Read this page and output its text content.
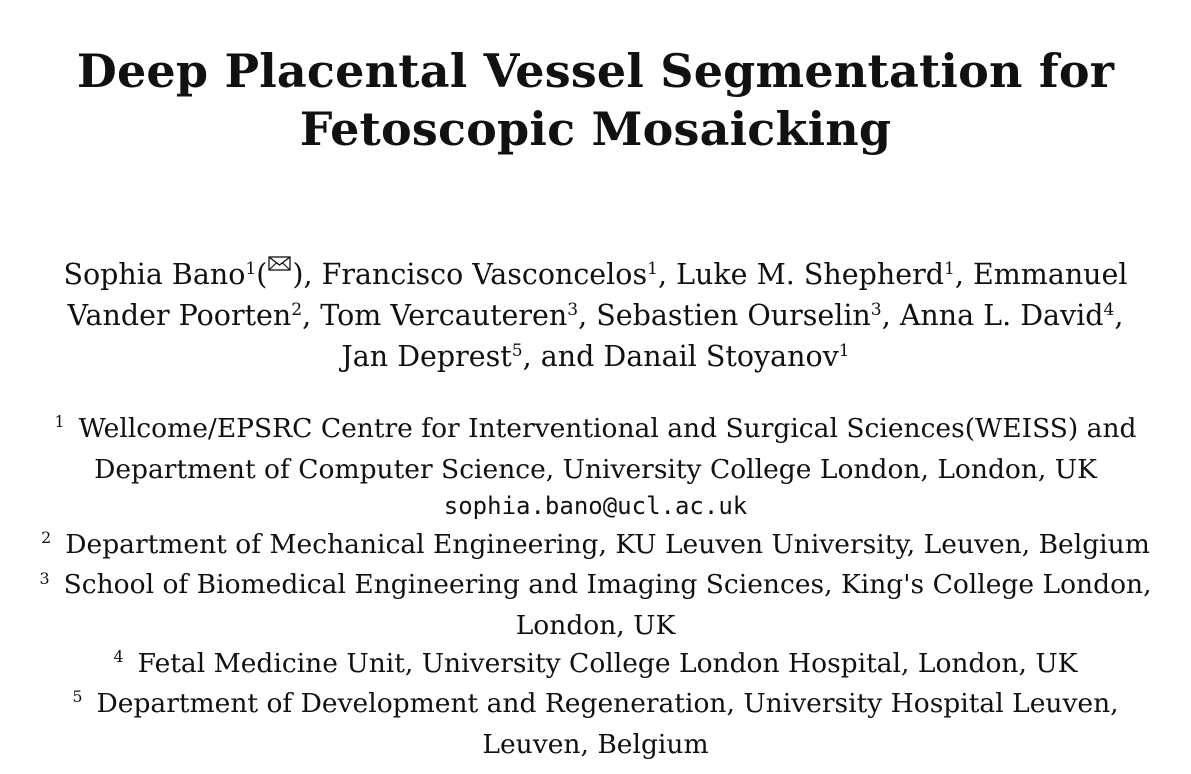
Deep Placental Vessel Segmentation for
Fetoscopic Mosaicking
Sophia Bano$^1$( ), Francisco Vasconcelos$^1$, Luke M. Shepherd$^1$, Emmanuel
Vander Poorten$^2$, Tom Vercauteren$^3$, Sebastien Ourselin$^3$, Anna L. David$^4$,
Jan Deprest$^5$, and Danail Stoyanov$^1$
$^1$ Wellcome/EPSRC Centre for Interventional and Surgical Sciences(WEISS) and
Department of Computer Science, University College London, London, UK
sophia.bano@ucl.ac.uk
$^2$ Department of Mechanical Engineering, KU Leuven University, Leuven, Belgium
$^3$ School of Biomedical Engineering and Imaging Sciences, King's College London,
London, UK
$^4$ Fetal Medicine Unit, University College London Hospital, London, UK
$^5$ Department of Development and Regeneration, University Hospital Leuven,
Leuven, Belgium
